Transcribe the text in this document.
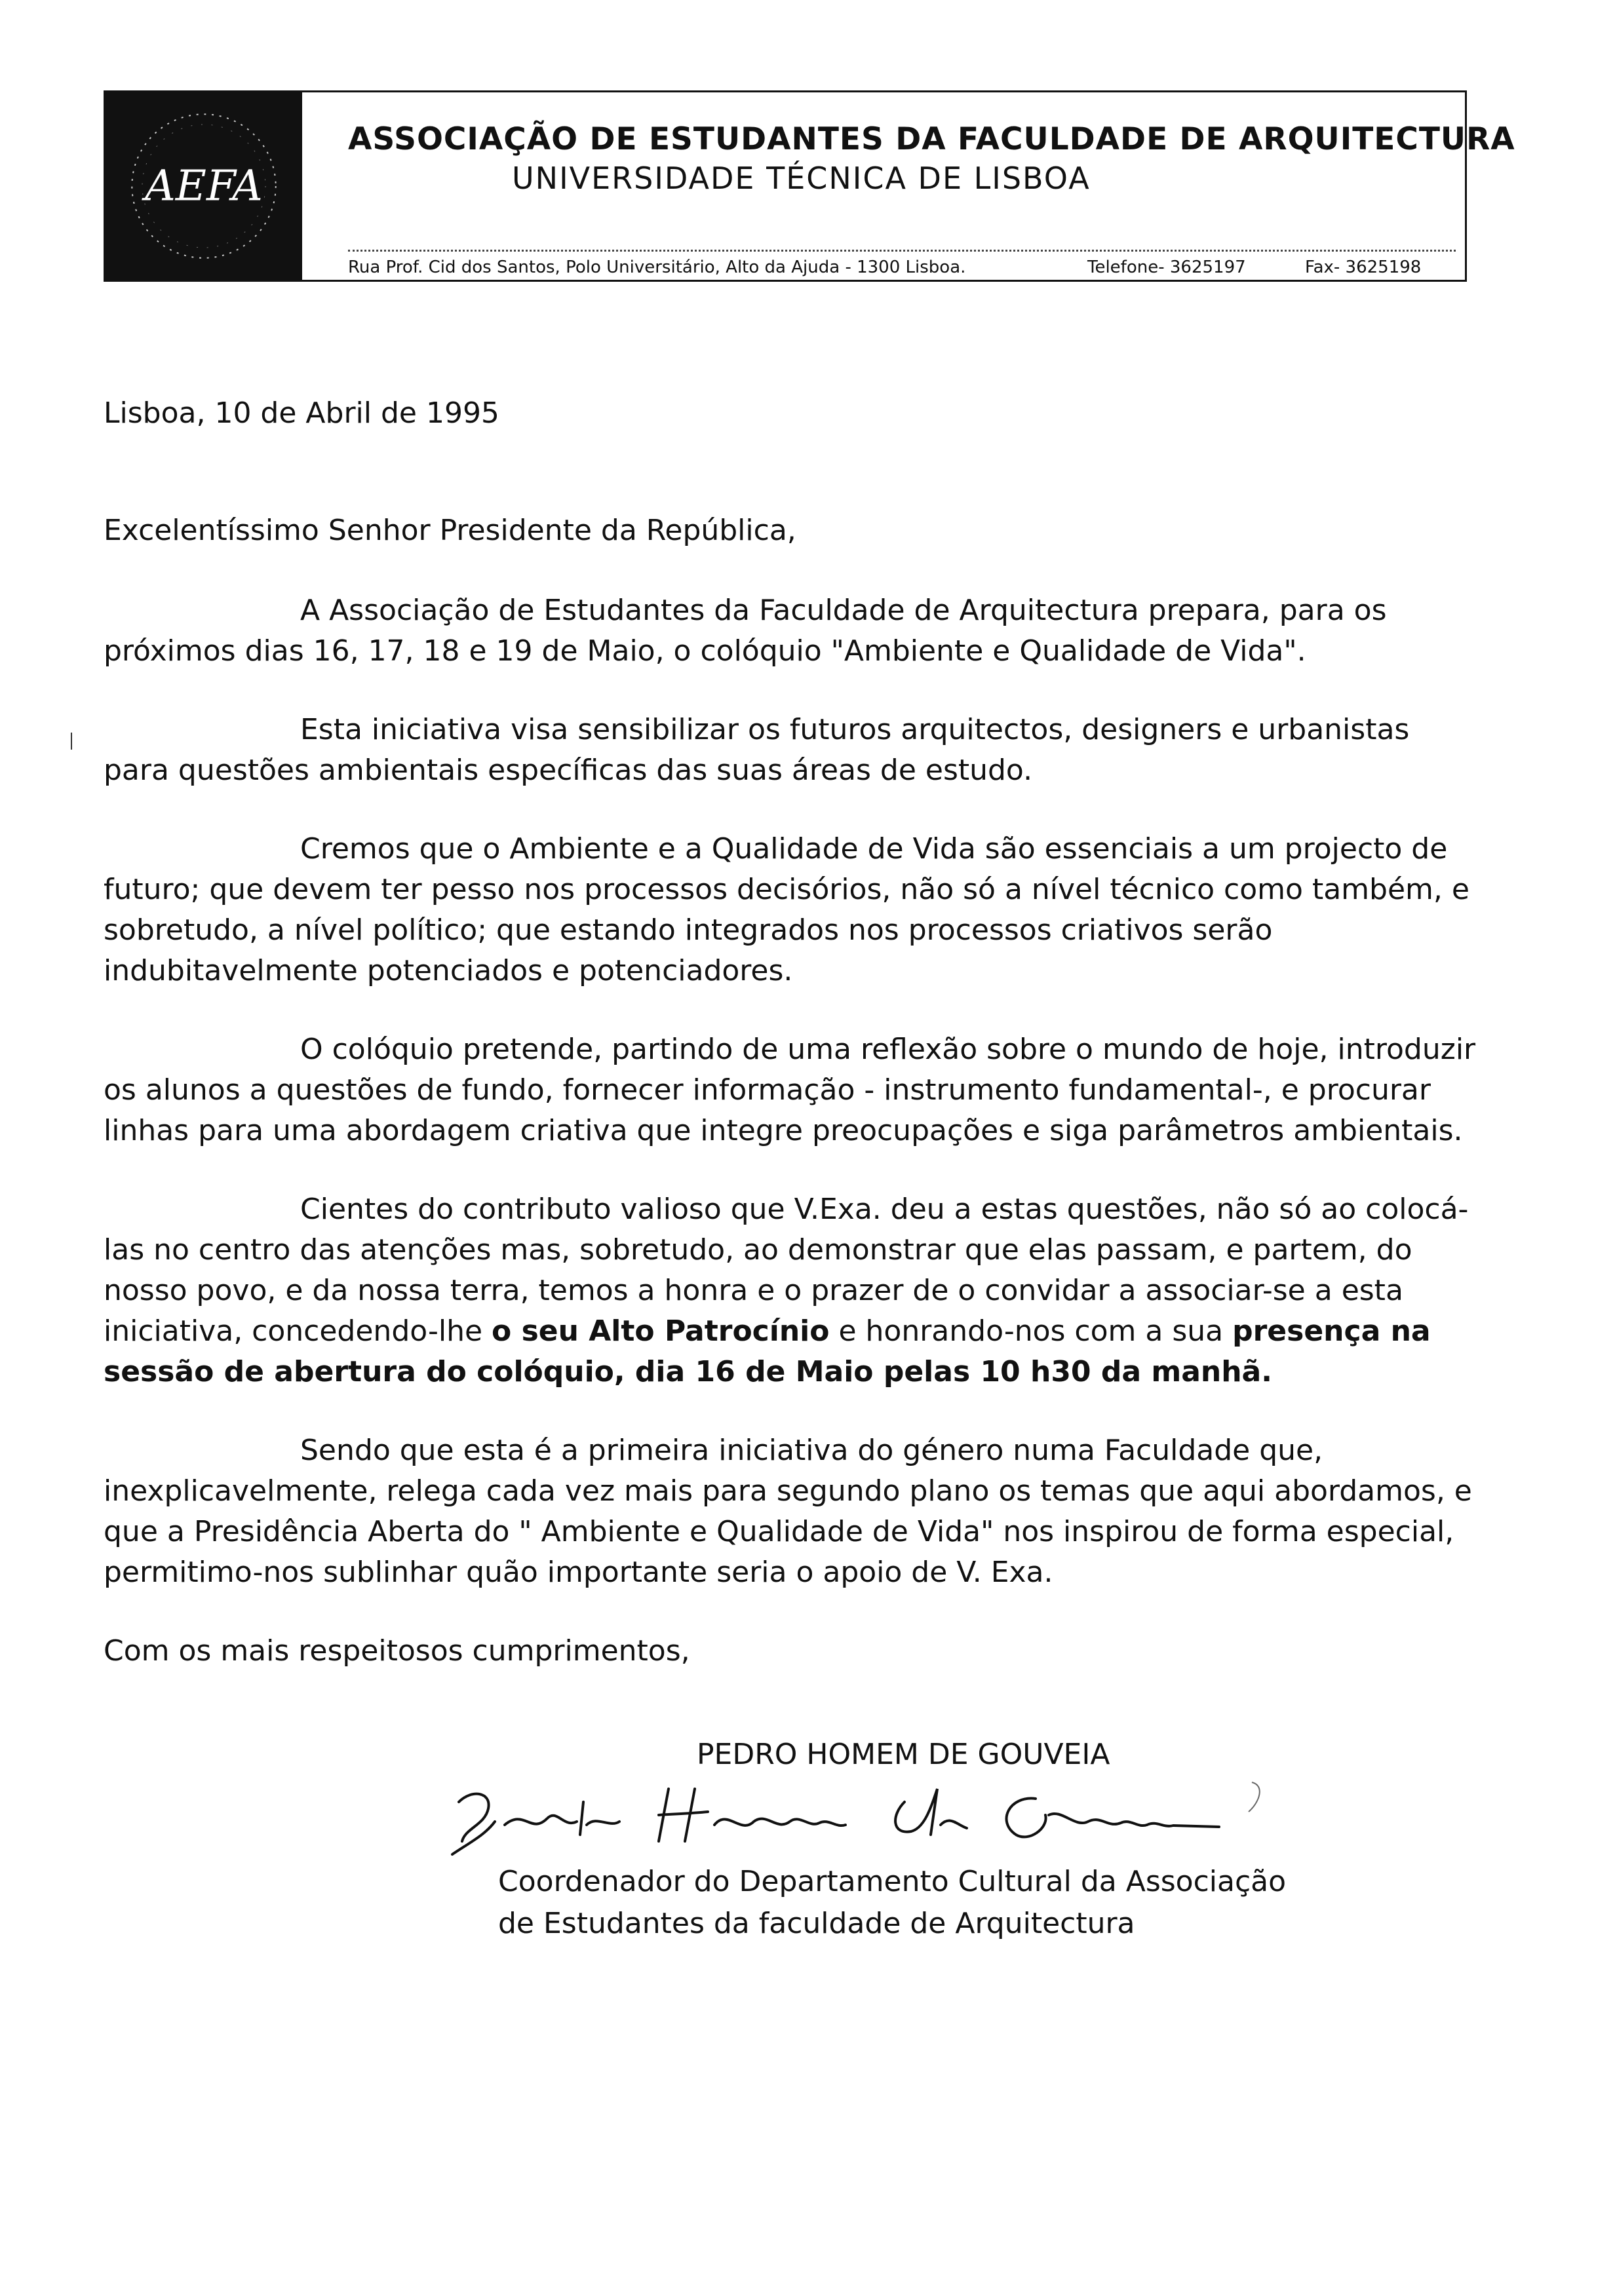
AEFA
ASSOCIAÇÃO DE ESTUDANTES DA FACULDADE DE ARQUITECTURA
UNIVERSIDADE TÉCNICA DE LISBOA
Rua Prof. Cid dos Santos, Polo Universitário, Alto da Ajuda - 1300 Lisboa.	Telefone- 3625197	Fax- 3625198

Lisboa, 10 de Abril de 1995

Excelentíssimo Senhor Presidente da República,

A Associação de Estudantes da Faculdade de Arquitectura prepara, para os próximos dias 16, 17, 18 e 19 de Maio, o colóquio "Ambiente e Qualidade de Vida".

Esta iniciativa visa sensibilizar os futuros arquitectos, designers e urbanistas para questões ambientais específicas das suas áreas de estudo.

Cremos que o Ambiente e a Qualidade de Vida são essenciais a um projecto de futuro; que devem ter pesso nos processos decisórios, não só a nível técnico como também, e sobretudo, a nível político; que estando integrados nos processos criativos serão indubitavelmente potenciados e potenciadores.

O colóquio pretende, partindo de uma reflexão sobre o mundo de hoje, introduzir os alunos a questões de fundo, fornecer informação - instrumento fundamental-, e procurar linhas para uma abordagem criativa que integre preocupações e siga parâmetros ambientais.

Cientes do contributo valioso que V.Exa. deu a estas questões, não só ao colocá-las no centro das atenções mas, sobretudo, ao demonstrar que elas passam, e partem, do nosso povo, e da nossa terra, temos a honra e o prazer de o convidar a associar-se a esta iniciativa, concedendo-lhe o seu Alto Patrocínio e honrando-nos com a sua presença na sessão de abertura do colóquio, dia 16 de Maio pelas 10 h30 da manhã.

Sendo que esta é a primeira iniciativa do género numa Faculdade que, inexplicavelmente, relega cada vez mais para segundo plano os temas que aqui abordamos, e que a Presidência Aberta do " Ambiente e Qualidade de Vida" nos inspirou de forma especial, permitimo-nos sublinhar quão importante seria o apoio de V. Exa.

Com os mais respeitosos cumprimentos,

PEDRO HOMEM DE GOUVEIA
Coordenador do Departamento Cultural da Associação
de Estudantes da faculdade de Arquitectura
